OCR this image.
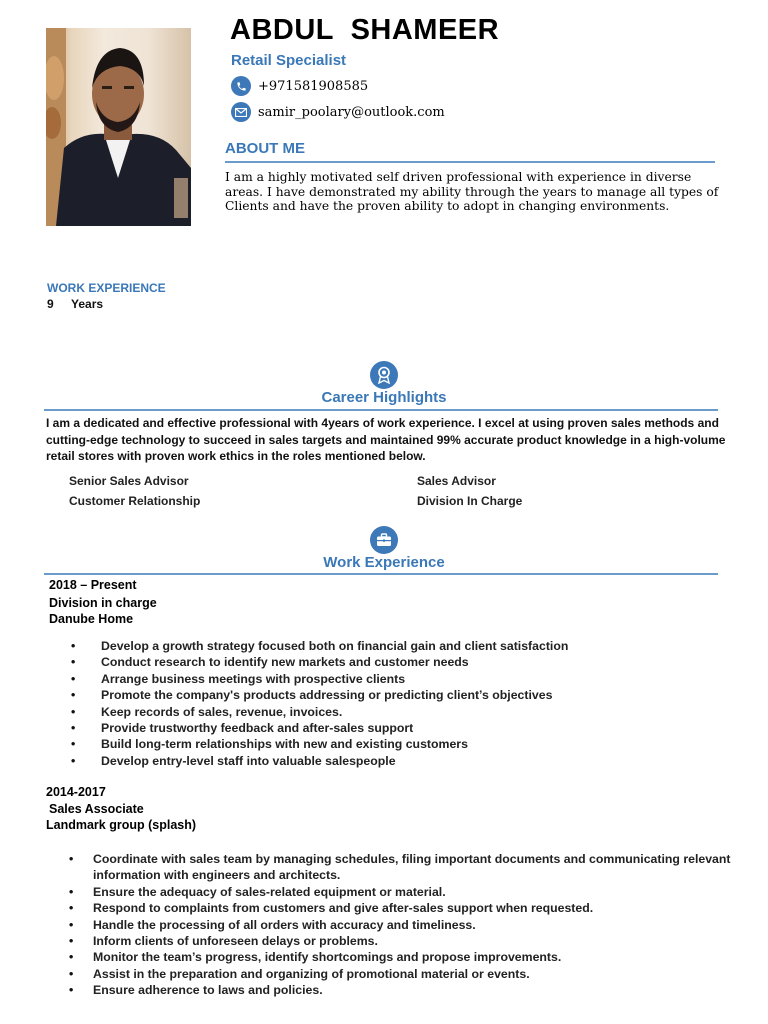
ABDUL  SHAMEER
Retail Specialist
+971581908585
samir_poolary@outlook.com
ABOUT ME
I am a highly motivated self driven professional with experience in diverse areas. I have demonstrated my ability through the years to manage all types of Clients and have the proven ability to adopt in changing environments.
WORK EXPERIENCE
9 Years
Career Highlights
I am a dedicated and effective professional with 4years of work experience. I excel at using proven sales methods and cutting-edge technology to succeed in sales targets and maintained 99% accurate product knowledge in a high-volume retail stores with proven work ethics in the roles mentioned below.
Senior Sales Advisor	Sales Advisor
Customer Relationship	Division In Charge
Work Experience
2018 – Present
Division in charge
Danube Home
• Develop a growth strategy focused both on financial gain and client satisfaction
• Conduct research to identify new markets and customer needs
• Arrange business meetings with prospective clients
• Promote the company's products addressing or predicting client’s objectives
• Keep records of sales, revenue, invoices.
• Provide trustworthy feedback and after-sales support
• Build long-term relationships with new and existing customers
• Develop entry-level staff into valuable salespeople
2014-2017
Sales Associate
Landmark group (splash)
• Coordinate with sales team by managing schedules, filing important documents and communicating relevant information with engineers and architects.
• Ensure the adequacy of sales-related equipment or material.
• Respond to complaints from customers and give after-sales support when requested.
• Handle the processing of all orders with accuracy and timeliness.
• Inform clients of unforeseen delays or problems.
• Monitor the team’s progress, identify shortcomings and propose improvements.
• Assist in the preparation and organizing of promotional material or events.
• Ensure adherence to laws and policies.
